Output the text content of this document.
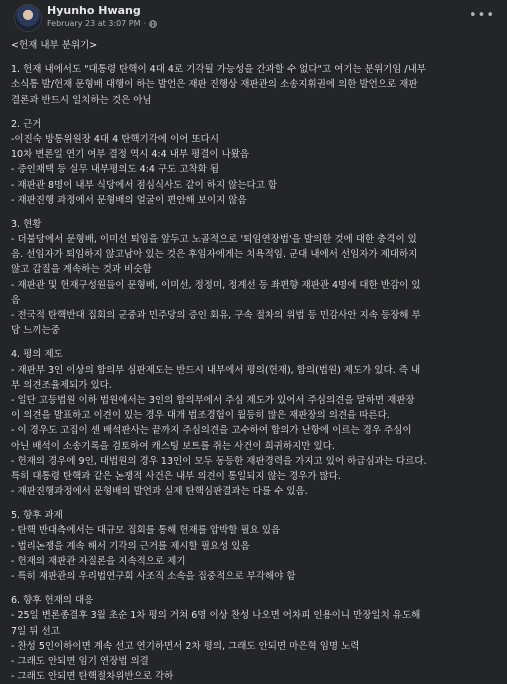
Hyunho Hwang
February 23 at 3:07 PM ·
•••
<헌재 내부 분위기>
1. 헌재 내에서도 "대통령 탄핵이 4대 4로 기각될 가능성을 간과할 수 없다"고 여기는 분위기임 /내부
소식통 발/헌재 문형배 대행이 하는 발언은 재판 진행상 재판관의 소송지휘권에 의한 발언으로 재판
결론과 반드시 일치하는 것은 아님
2. 근거
-이진숙 방통위원장 4대 4 탄핵기각에 이어 또다시
10차 변론일 연기 여부 결정 역시 4:4 내부 평결이 나왔음
- 증인채택 등 실무 내부평의도 4:4 구도 고착화 됨
- 재판관 8명이 내부 식당에서 점심식사도 같이 하지 않는다고 함
- 재판진행 과정에서 문형배의 얼굴이 편안해 보이지 않음
3. 현황
- 더불당에서 문형배, 이미선 퇴임을 앞두고 노골적으로 '퇴임연장법'을 발의한 것에 대한 충격이 있
음. 선임자가 퇴임하지 않고남아 있는 것은 후임자에게는 치욕적임. 군대 내에서 선임자가 제대하지
않고 갑질을 계속하는 것과 비슷함
- 재판관 및 헌재구성원들이 문형배, 이미선, 정정미, 정계선 등 좌편향 재판관 4명에 대한 반감이 있
음
- 전국적 탄핵반대 집회의 군중과 민주당의 증인 회유, 구속 절차의 위법 등 민감사안 지속 등장해 부
담 느끼는중
4. 평의 제도
- 재판부 3인 이상의 합의부 심판제도는 반드시 내부에서 평의(헌재), 합의(법원) 제도가 있다. 즉 내
부 의견조율제되가 있다.
- 일단 고등법원 이하 법원에서는 3인의 합의부에서 주심 제도가 있어서 주심의견을 말하면 재판장
이 의견을 발표하고 이견이 있는 경우 대개 법조경험이 월등히 많은 재판장의 의견을 따른다.
- 이 경우도 고집이 센 배석판사는 끝까지 주심의견을 고수하여 합의가 난항에 이르는 경우 주심이
아닌 배석이 소송기록을 검토하여 캐스팅 보트를 쥐는 사건이 희귀하지만 있다.
- 헌재의 경우에 9인, 대법원의 경우 13인이 모두 동등한 재판경력을 가지고 있어 하급심과는 다르다.
특히 대통령 탄핵과 같은 논쟁적 사건은 내부 의견이 통일되지 않는 경우가 많다.
- 재판진행과정에서 문형배의 발언과 실제 탄핵심판결과는 다를 수 있음.
5. 향후 과제
- 탄핵 반대측에서는 대규모 집회를 통해 헌재를 압박할 필요 있음
- 법리논쟁을 계속 해서 기각의 근거를 제시할 필요성 있음
- 헌재의 재판관 자질론을 지속적으로 제기
- 특히 재판관의 우리법연구회 사조직 소속을 집중적으로 부각해야 함
6. 향후 헌재의 대응
- 25일 변론종결후 3월 초순 1차 평의 거쳐 6명 이상 찬성 나오면 어차피 인용이니 만장일치 유도해
7일 뒤 선고
- 찬성 5인이하이면 계속 선고 연기하면서 2차 평의, 그래도 안되면 마은혁 임명 노력
- 그래도 안되면 임기 연장법 의결
- 그래도 안되면 탄핵절차위반으로 각하
